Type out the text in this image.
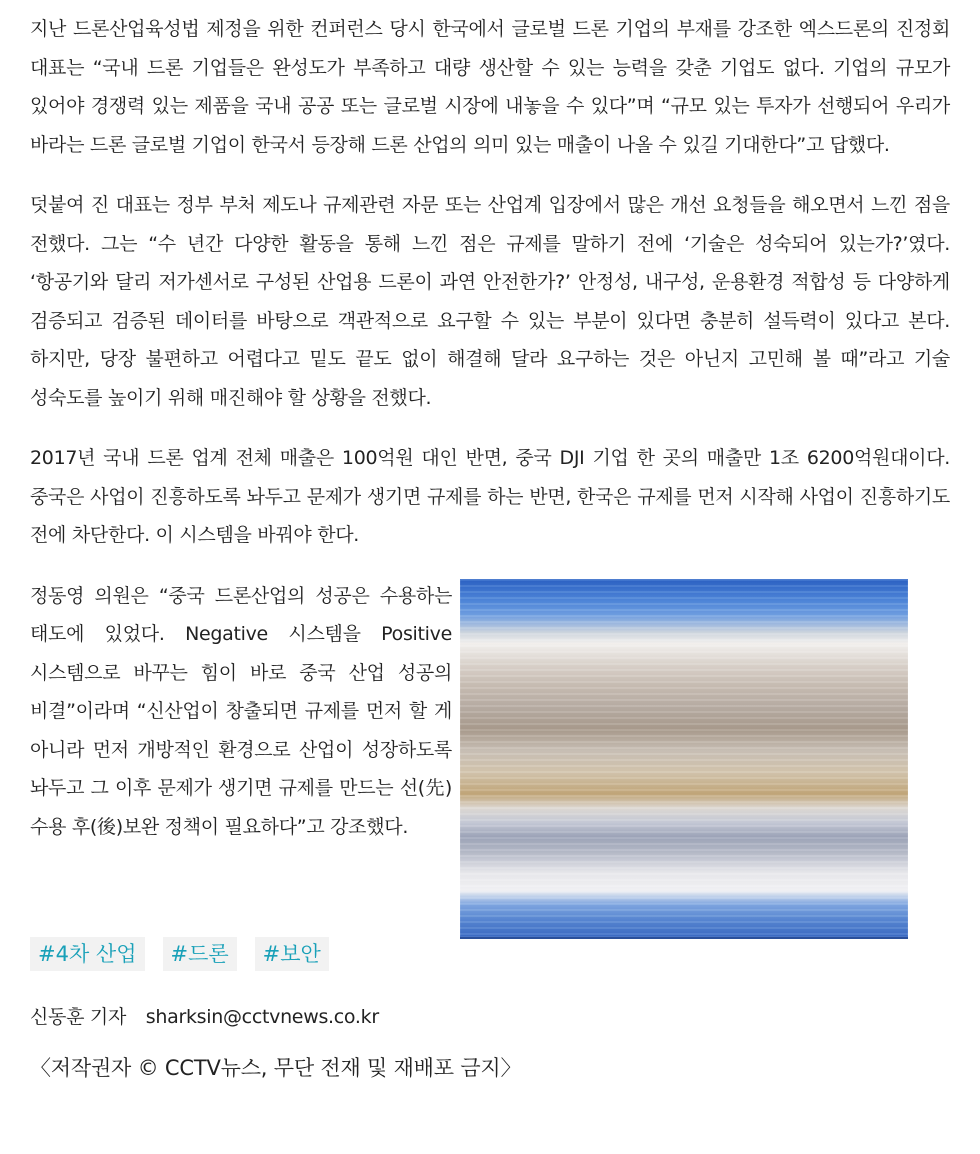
지난 드론산업육성법 제정을 위한 컨퍼런스 당시 한국에서 글로벌 드론 기업의 부재를 강조한 엑스드론의 진정회 대표는 “국내 드론 기업들은 완성도가 부족하고 대량 생산할 수 있는 능력을 갖춘 기업도 없다. 기업의 규모가 있어야 경쟁력 있는 제품을 국내 공공 또는 글로벌 시장에 내놓을 수 있다”며 “규모 있는 투자가 선행되어 우리가 바라는 드론 글로벌 기업이 한국서 등장해 드론 산업의 의미 있는 매출이 나올 수 있길 기대한다”고 답했다.

덧붙여 진 대표는 정부 부처 제도나 규제관련 자문 또는 산업계 입장에서 많은 개선 요청들을 해오면서 느낀 점을 전했다. 그는 “수 년간 다양한 활동을 통해 느낀 점은 규제를 말하기 전에 ‘기술은 성숙되어 있는가?’였다. ‘항공기와 달리 저가센서로 구성된 산업용 드론이 과연 안전한가?’ 안정성, 내구성, 운용환경 적합성 등 다양하게 검증되고 검증된 데이터를 바탕으로 객관적으로 요구할 수 있는 부분이 있다면 충분히 설득력이 있다고 본다. 하지만, 당장 불편하고 어렵다고 밑도 끝도 없이 해결해 달라 요구하는 것은 아닌지 고민해 볼 때”라고 기술 성숙도를 높이기 위해 매진해야 할 상황을 전했다.

2017년 국내 드론 업계 전체 매출은 100억원 대인 반면, 중국 DJI 기업 한 곳의 매출만 1조 6200억원대이다. 중국은 사업이 진흥하도록 놔두고 문제가 생기면 규제를 하는 반면, 한국은 규제를 먼저 시작해 사업이 진흥하기도 전에 차단한다. 이 시스템을 바꿔야 한다.

정동영 의원은 “중국 드론산업의 성공은 수용하는 태도에 있었다. Negative 시스템을 Positive 시스템으로 바꾸는 힘이 바로 중국 산업 성공의 비결”이라며 “신산업이 창출되면 규제를 먼저 할 게 아니라 먼저 개방적인 환경으로 산업이 성장하도록 놔두고 그 이후 문제가 생기면 규제를 만드는 선(先)수용 후(後)보완 정책이 필요하다”고 강조했다.

#4차 산업	#드론	#보안
신동훈 기자 sharksin@cctvnews.co.kr
〈저작권자 © CCTV뉴스, 무단 전재 및 재배포 금지〉
